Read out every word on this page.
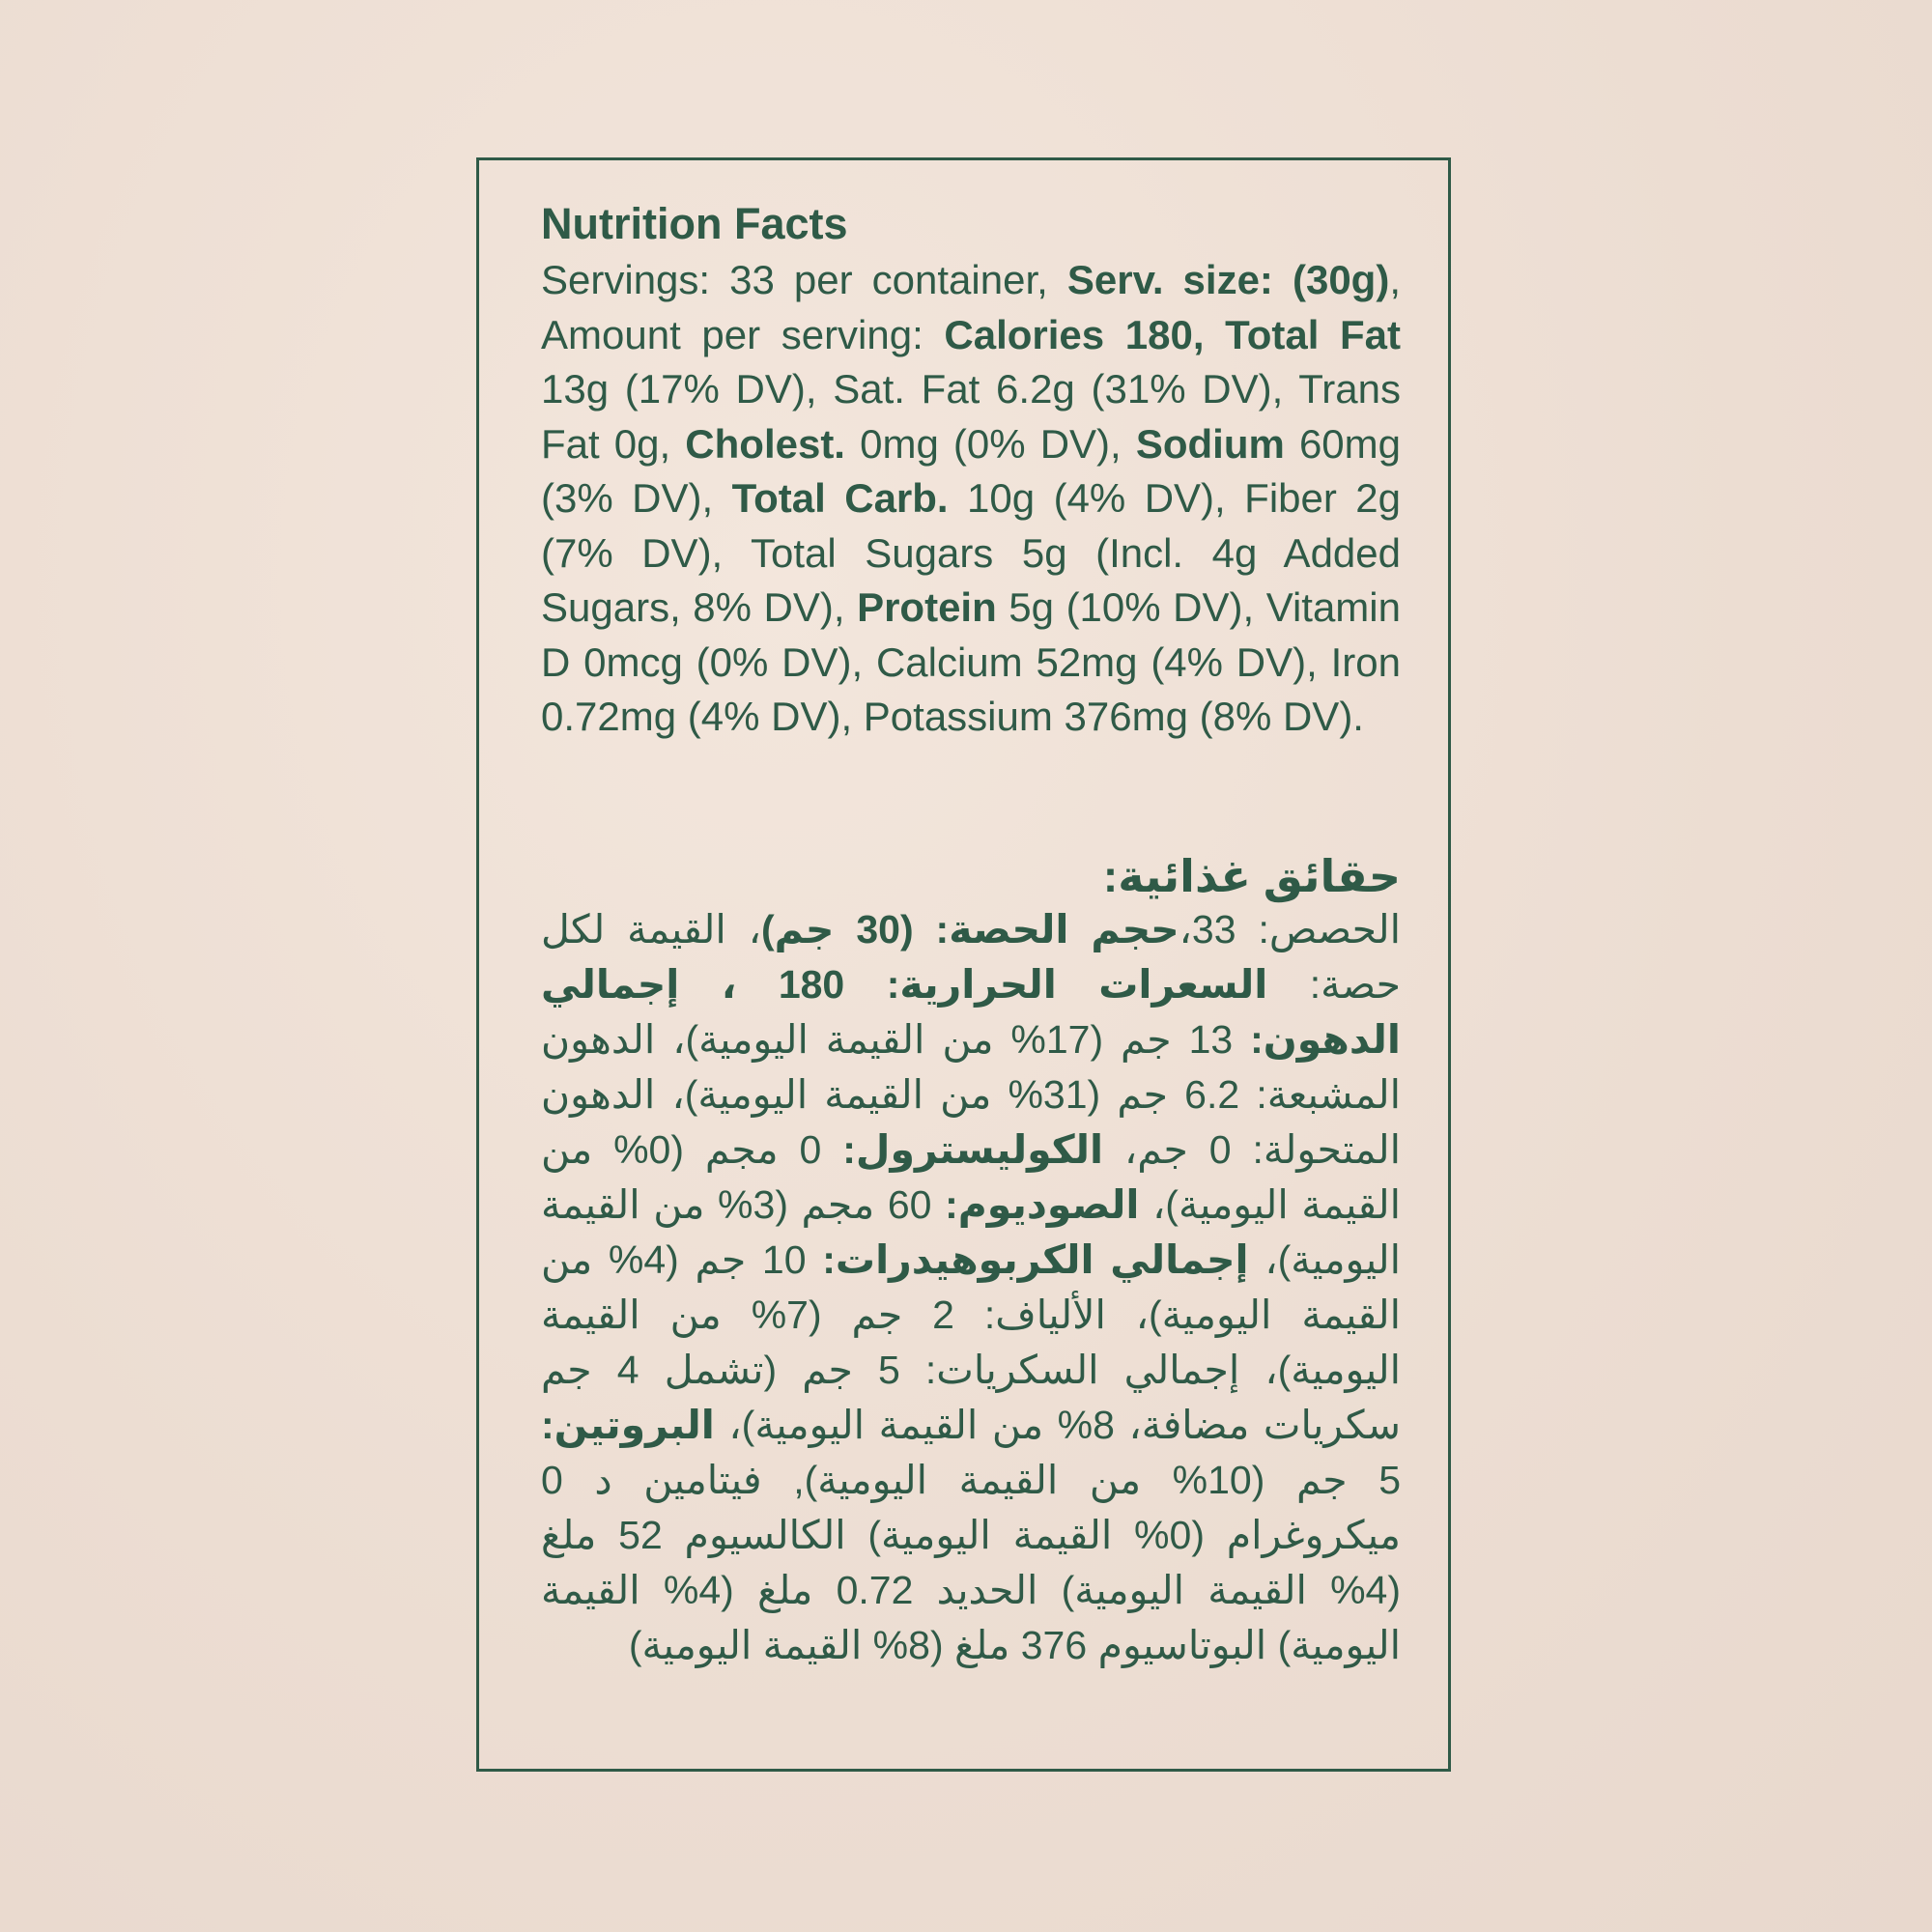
Nutrition Facts

Servings: 33 per container, Serv. size: (30g), Amount per serving: Calories 180, Total Fat 13g (17% DV), Sat. Fat 6.2g (31% DV), Trans Fat 0g, Cholest. 0mg (0% DV), Sodium 60mg (3% DV), Total Carb. 10g (4% DV), Fiber 2g (7% DV), Total Sugars 5g (Incl. 4g Added Sugars, 8% DV), Protein 5g (10% DV), Vitamin D 0mcg (0% DV), Calcium 52mg (4% DV), Iron 0.72mg (4% DV), Potassium 376mg (8% DV).

حقائق غذائية:

الحصص: 33،حجم الحصة: (30 جم)، القيمة لكل حصة: السعرات الحرارية: 180 ، إجمالي الدهون: 13 جم (17% من القيمة اليومية)، الدهون المشبعة: 6.2 جم (31% من القيمة اليومية)، الدهون المتحولة: 0 جم، الكوليسترول: 0 مجم (0% من القيمة اليومية)، الصوديوم: 60 مجم (3% من القيمة اليومية)، إجمالي الكربوهيدرات: 10 جم (4% من القيمة اليومية)، الألياف: 2 جم (7% من القيمة اليومية)، إجمالي السكريات: 5 جم (تشمل 4 جم سكريات مضافة، 8% من القيمة اليومية)، البروتين: 5 جم (10% من القيمة اليومية), فيتامين د 0 ميكروغرام (0% القيمة اليومية) الكالسيوم 52 ملغ (4% القيمة اليومية) الحديد 0.72 ملغ (4% القيمة اليومية) البوتاسيوم 376 ملغ (8% القيمة اليومية)
